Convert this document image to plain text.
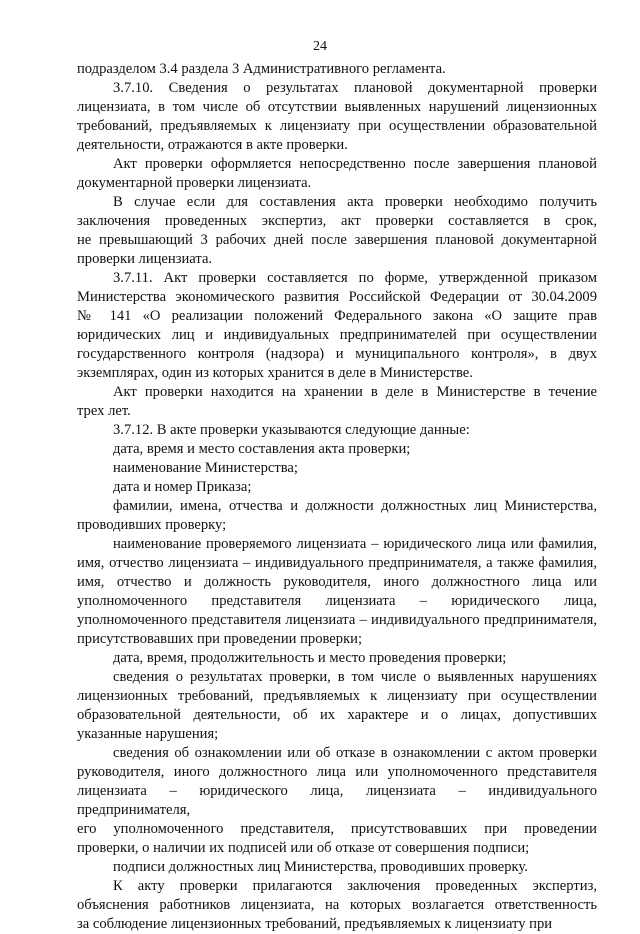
24

подразделом 3.4 раздела 3 Административного регламента.

3.7.10. Сведения о результатах плановой документарной проверки
лицензиата, в том числе об отсутствии выявленных нарушений лицензионных
требований, предъявляемых к лицензиату при осуществлении образовательной
деятельности, отражаются в акте проверки.

Акт проверки оформляется непосредственно после завершения плановой
документарной проверки лицензиата.

В случае если для составления акта проверки необходимо получить
заключения проведенных экспертиз, акт проверки составляется в срок,
не превышающий 3 рабочих дней после завершения плановой документарной
проверки лицензиата.

3.7.11. Акт проверки составляется по форме, утвержденной приказом
Министерства экономического развития Российской Федерации от 30.04.2009
№ 141 «О реализации положений Федерального закона «О защите прав
юридических лиц и индивидуальных предпринимателей при осуществлении
государственного контроля (надзора) и муниципального контроля», в двух
экземплярах, один из которых хранится в деле в Министерстве.

Акт проверки находится на хранении в деле в Министерстве в течение
трех лет.

3.7.12. В акте проверки указываются следующие данные:

дата, время и место составления акта проверки;

наименование Министерства;

дата и номер Приказа;

фамилии, имена, отчества и должности должностных лиц Министерства,
проводивших проверку;

наименование проверяемого лицензиата – юридического лица или фамилия,
имя, отчество лицензиата – индивидуального предпринимателя, а также фамилия,
имя, отчество и должность руководителя, иного должностного лица или
уполномоченного представителя лицензиата – юридического лица,
уполномоченного представителя лицензиата – индивидуального предпринимателя,
присутствовавших при проведении проверки;

дата, время, продолжительность и место проведения проверки;

сведения о результатах проверки, в том числе о выявленных нарушениях
лицензионных требований, предъявляемых к лицензиату при осуществлении
образовательной деятельности, об их характере и о лицах, допустивших
указанные нарушения;

сведения об ознакомлении или об отказе в ознакомлении с актом проверки
руководителя, иного должностного лица или уполномоченного представителя
лицензиата – юридического лица, лицензиата – индивидуального предпринимателя,
его уполномоченного представителя, присутствовавших при проведении
проверки, о наличии их подписей или об отказе от совершения подписи;

подписи должностных лиц Министерства, проводивших проверку.

К акту проверки прилагаются заключения проведенных экспертиз,
объяснения работников лицензиата, на которых возлагается ответственность
за соблюдение лицензионных требований, предъявляемых к лицензиату при
